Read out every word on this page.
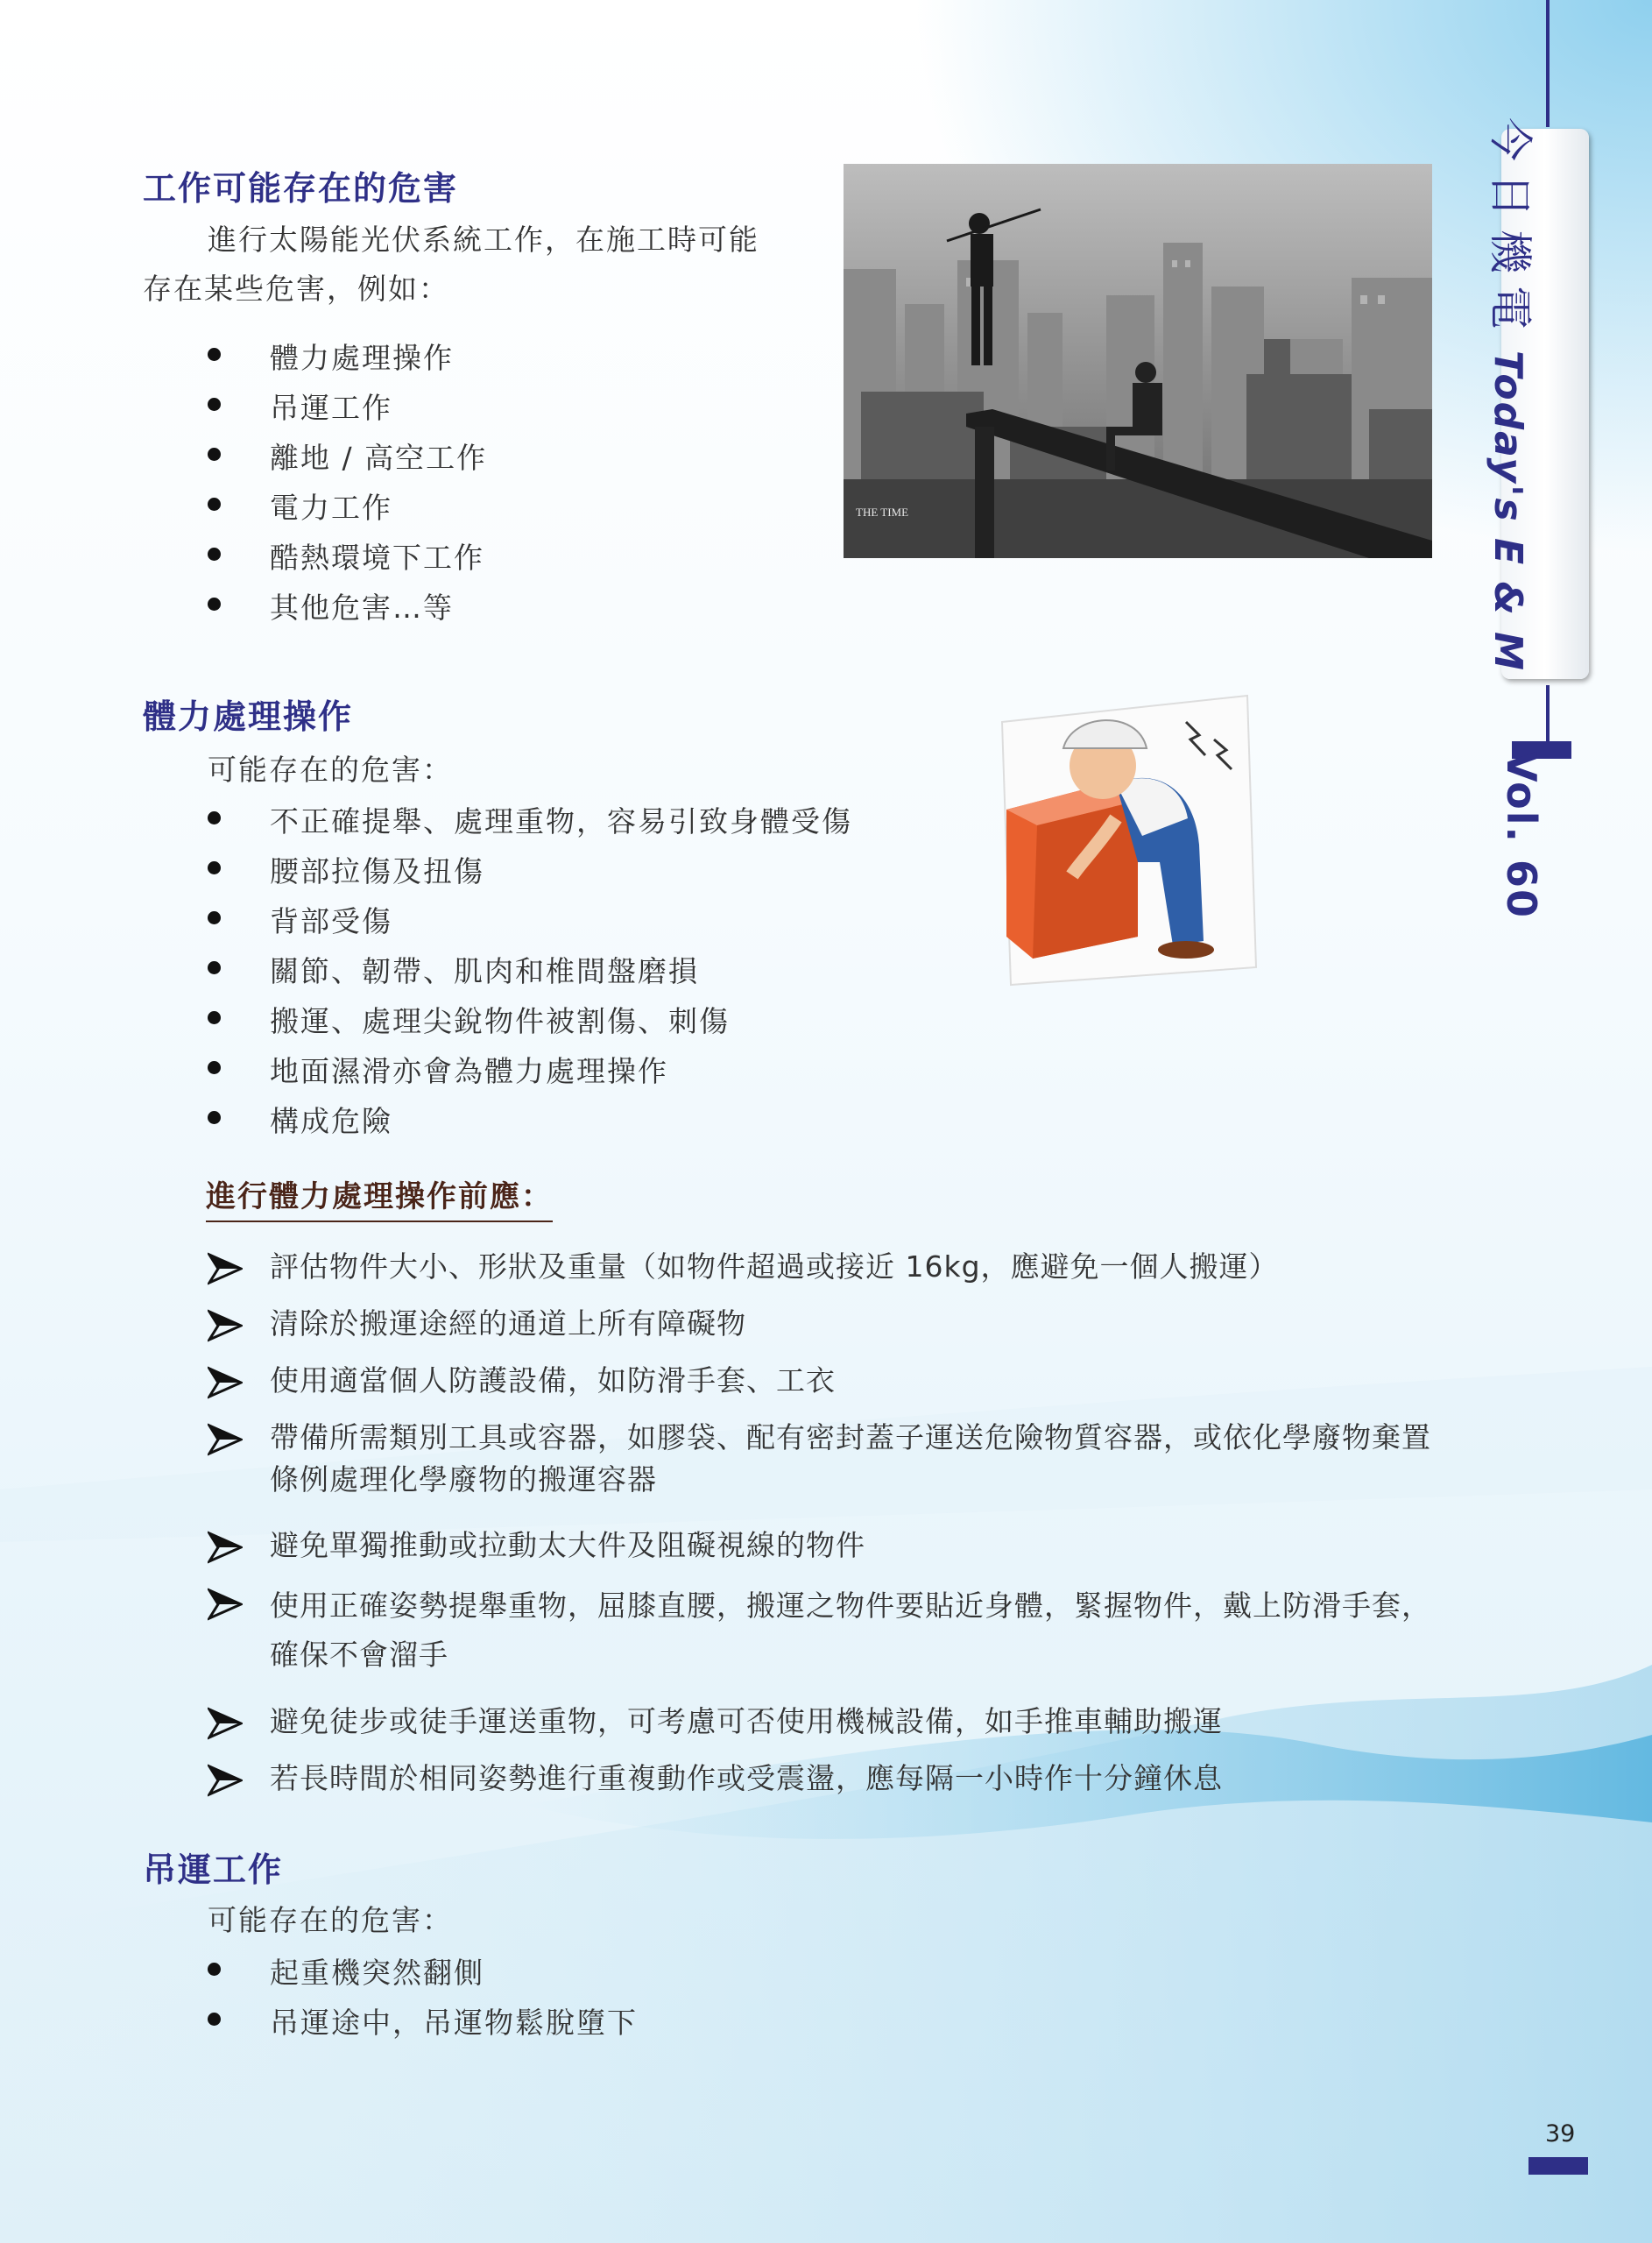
工作可能存在的危害
進行太陽能光伏系統工作，在施工時可能
存在某些危害，例如：
體力處理操作
吊運工作
離地 / 高空工作
電力工作
酷熱環境下工作
其他危害…等
THE TIME
體力處理操作
可能存在的危害：
不正確提舉、處理重物，容易引致身體受傷
腰部拉傷及扭傷
背部受傷
關節、韌帶、肌肉和椎間盤磨損
搬運、處理尖銳物件被割傷、刺傷
地面濕滑亦會為體力處理操作
構成危險
進行體力處理操作前應：
評估物件大小、形狀及重量（如物件超過或接近 16kg，應避免一個人搬運）
清除於搬運途經的通道上所有障礙物
使用適當個人防護設備，如防滑手套、工衣
帶備所需類別工具或容器，如膠袋、配有密封蓋子運送危險物質容器，或依化學廢物棄置條例處理化學廢物的搬運容器
避免單獨推動或拉動太大件及阻礙視線的物件
使用正確姿勢提舉重物，屈膝直腰，搬運之物件要貼近身體，緊握物件，戴上防滑手套，確保不會溜手
避免徒步或徒手運送重物，可考慮可否使用機械設備，如手推車輔助搬運
若長時間於相同姿勢進行重複動作或受震盪，應每隔一小時作十分鐘休息
吊運工作
可能存在的危害：
起重機突然翻側
吊運途中，吊運物鬆脫墮下
今日機電Today's E & M
Vol. 60
39
